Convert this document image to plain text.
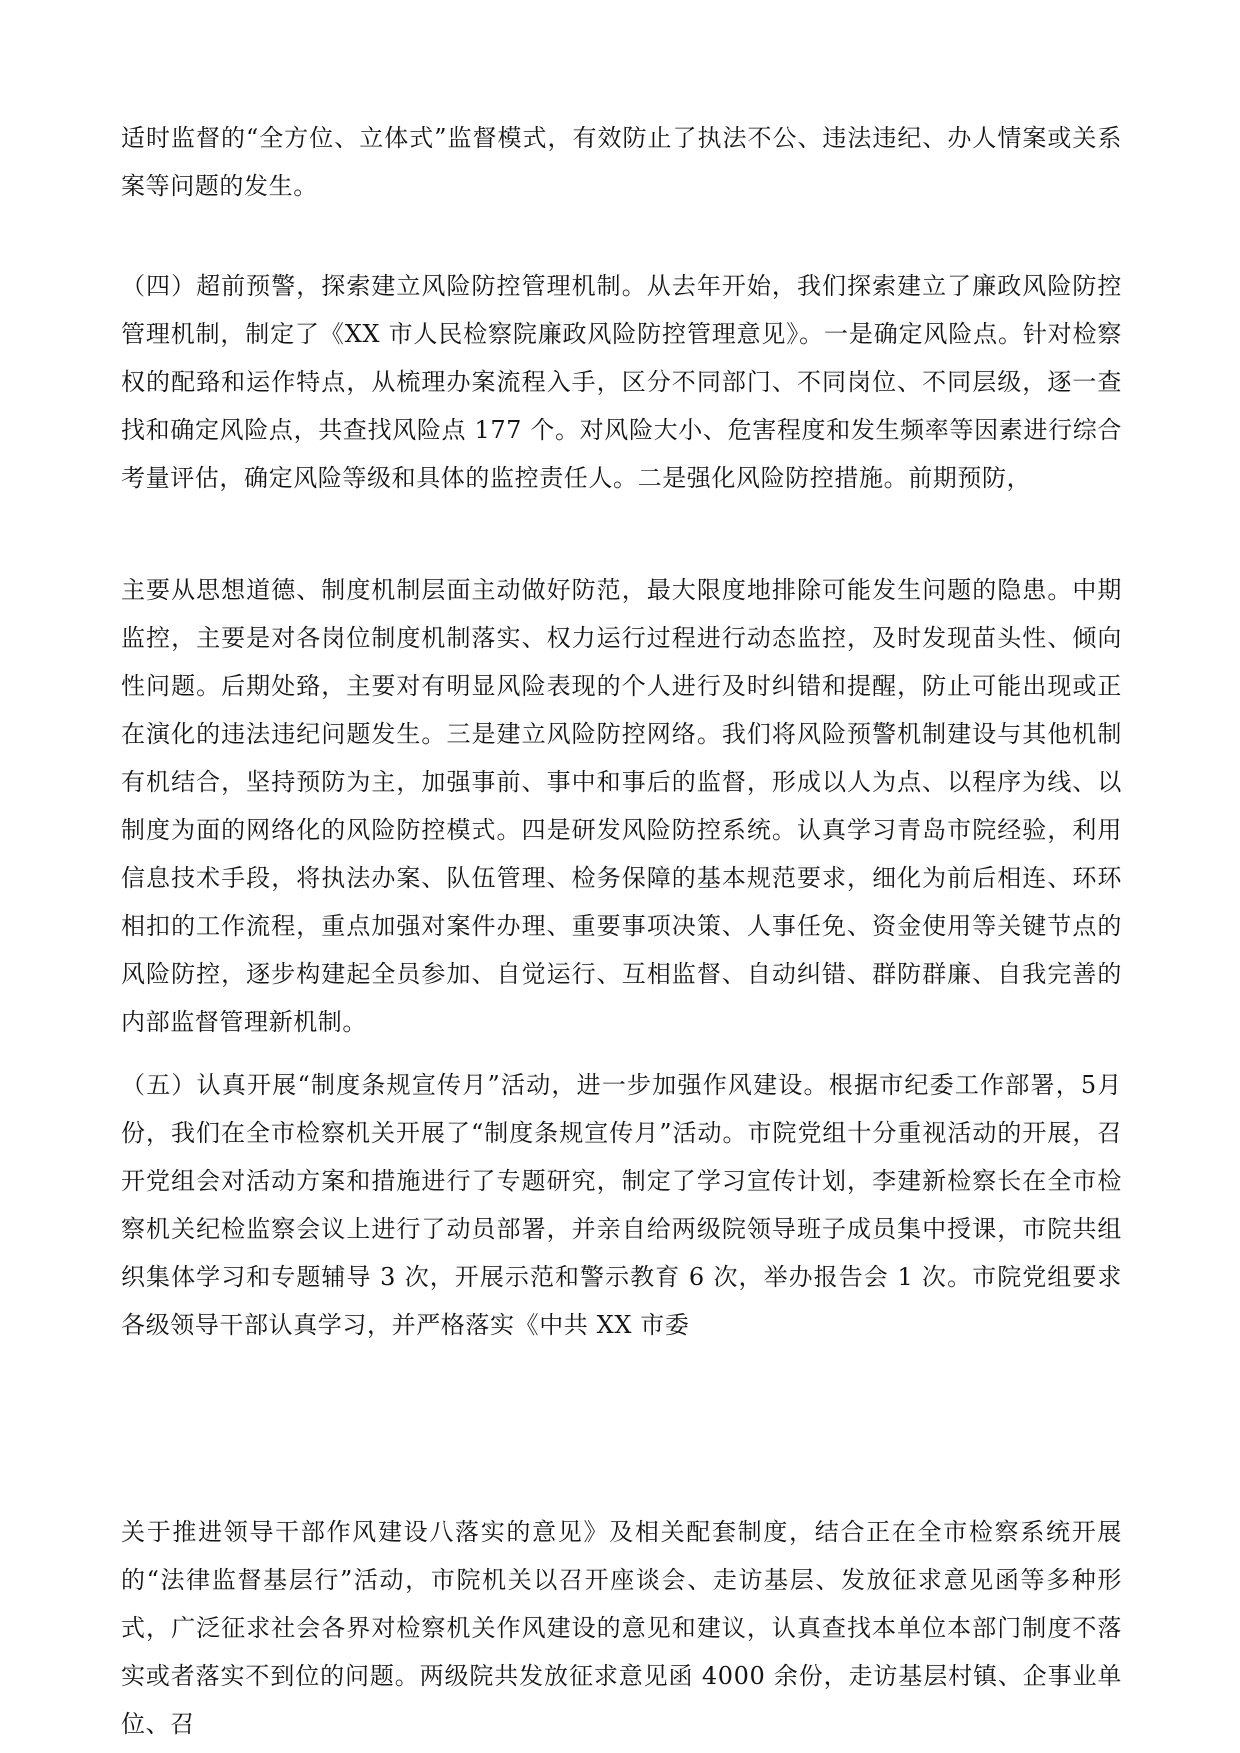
适时监督的“全方位、立体式”监督模式，有效防止了执法不公、违法违纪、办人情案或关系案等问题的发生。

（四）超前预警，探索建立风险防控管理机制。从去年开始，我们探索建立了廉政风险防控管理机制，制定了《XX 市人民检察院廉政风险防控管理意见》。一是确定风险点。针对检察权的配臵和运作特点，从梳理办案流程入手，区分不同部门、不同岗位、不同层级，逐一查找和确定风险点，共查找风险点 177 个。对风险大小、危害程度和发生频率等因素进行综合考量评估，确定风险等级和具体的监控责任人。二是强化风险防控措施。前期预防，

主要从思想道德、制度机制层面主动做好防范，最大限度地排除可能发生问题的隐患。中期监控，主要是对各岗位制度机制落实、权力运行过程进行动态监控，及时发现苗头性、倾向性问题。后期处臵，主要对有明显风险表现的个人进行及时纠错和提醒，防止可能出现或正在演化的违法违纪问题发生。三是建立风险防控网络。我们将风险预警机制建设与其他机制有机结合，坚持预防为主，加强事前、事中和事后的监督，形成以人为点、以程序为线、以制度为面的网络化的风险防控模式。四是研发风险防控系统。认真学习青岛市院经验，利用信息技术手段，将执法办案、队伍管理、检务保障的基本规范要求，细化为前后相连、环环相扣的工作流程，重点加强对案件办理、重要事项决策、人事任免、资金使用等关键节点的风险防控，逐步构建起全员参加、自觉运行、互相监督、自动纠错、群防群廉、自我完善的内部监督管理新机制。

（五）认真开展“制度条规宣传月”活动，进一步加强作风建设。根据市纪委工作部署，5月份，我们在全市检察机关开展了“制度条规宣传月”活动。市院党组十分重视活动的开展，召开党组会对活动方案和措施进行了专题研究，制定了学习宣传计划，李建新检察长在全市检察机关纪检监察会议上进行了动员部署，并亲自给两级院领导班子成员集中授课，市院共组织集体学习和专题辅导 3 次，开展示范和警示教育 6 次，举办报告会 1 次。市院党组要求各级领导干部认真学习，并严格落实《中共 XX 市委

关于推进领导干部作风建设八落实的意见》及相关配套制度，结合正在全市检察系统开展的“法律监督基层行”活动，市院机关以召开座谈会、走访基层、发放征求意见函等多种形式，广泛征求社会各界对检察机关作风建设的意见和建议，认真查找本单位本部门制度不落实或者落实不到位的问题。两级院共发放征求意见函 4000 余份，走访基层村镇、企事业单位、召
